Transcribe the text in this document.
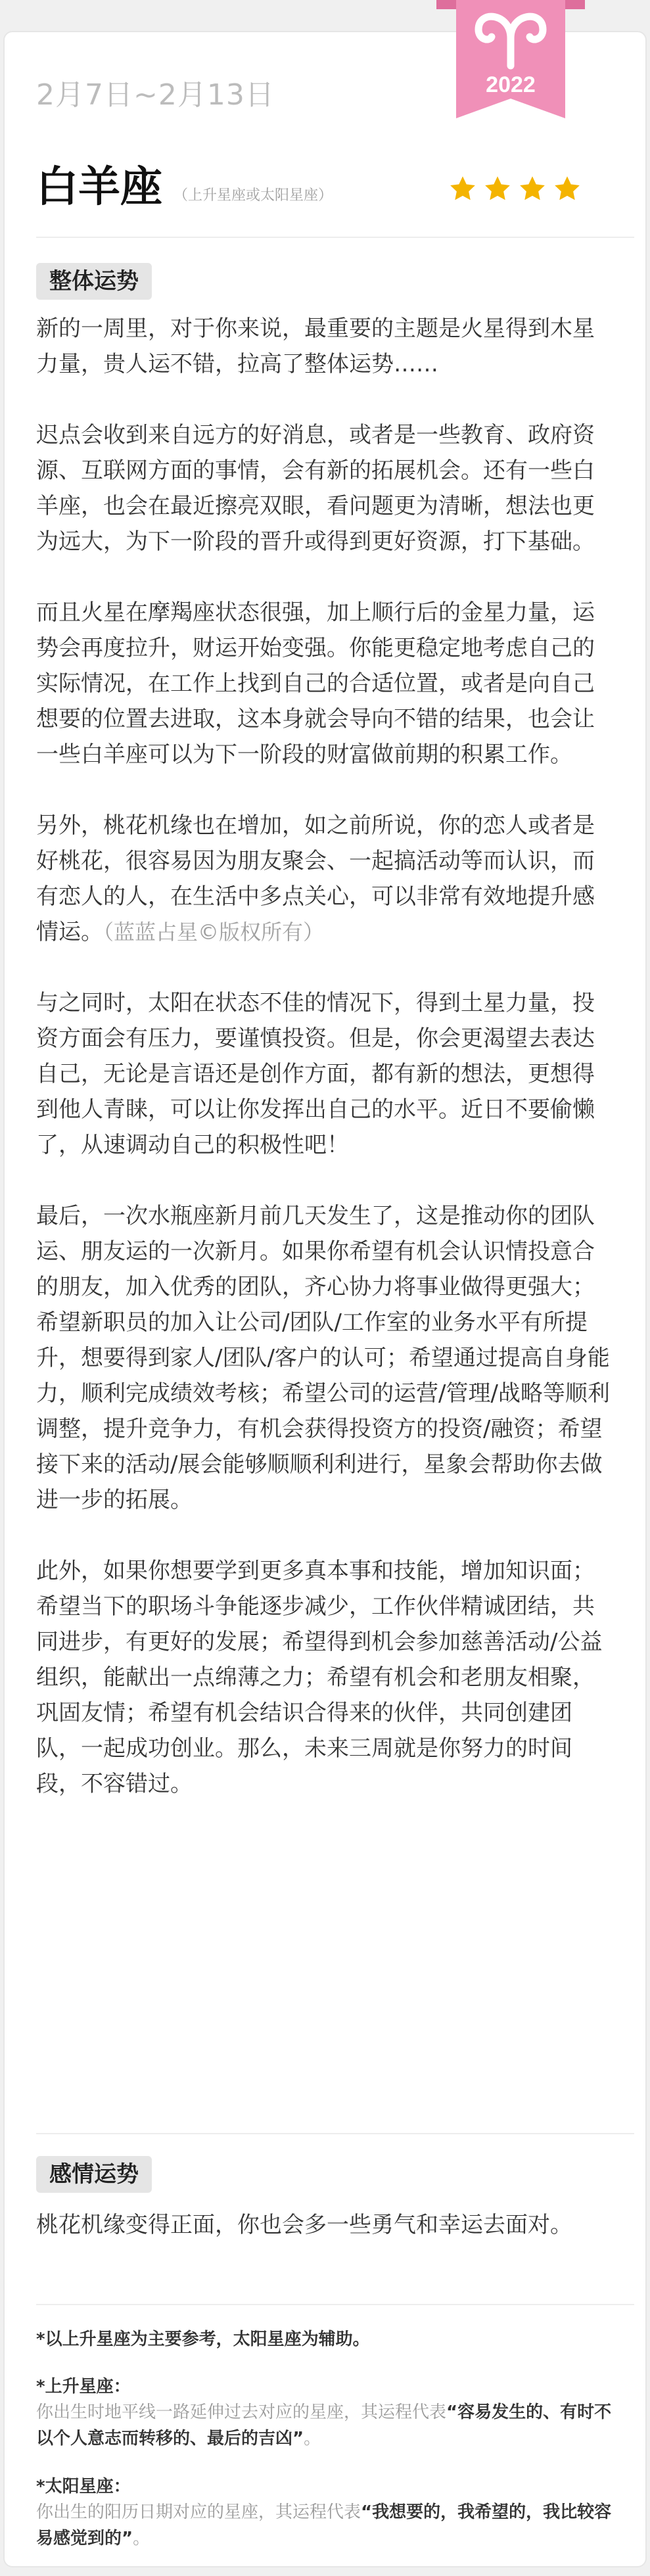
2022
2月7日~2月13日
白羊座 （上升星座或太阳星座）
整体运势

新的一周里，对于你来说，最重要的主题是火星得到木星力量，贵人运不错，拉高了整体运势……

迟点会收到来自远方的好消息，或者是一些教育、政府资源、互联网方面的事情，会有新的拓展机会。还有一些白羊座，也会在最近擦亮双眼，看问题更为清晰，想法也更为远大，为下一阶段的晋升或得到更好资源，打下基础。

而且火星在摩羯座状态很强，加上顺行后的金星力量，运势会再度拉升，财运开始变强。你能更稳定地考虑自己的实际情况，在工作上找到自己的合适位置，或者是向自己想要的位置去进取，这本身就会导向不错的结果，也会让一些白羊座可以为下一阶段的财富做前期的积累工作。

另外，桃花机缘也在增加，如之前所说，你的恋人或者是好桃花，很容易因为朋友聚会、一起搞活动等而认识，而有恋人的人，在生活中多点关心，可以非常有效地提升感情运。（蓝蓝占星©版权所有）

与之同时，太阳在状态不佳的情况下，得到土星力量，投资方面会有压力，要谨慎投资。但是，你会更渴望去表达自己，无论是言语还是创作方面，都有新的想法，更想得到他人青睐，可以让你发挥出自己的水平。近日不要偷懒了，从速调动自己的积极性吧！

最后，一次水瓶座新月前几天发生了，这是推动你的团队运、朋友运的一次新月。如果你希望有机会认识情投意合的朋友，加入优秀的团队，齐心协力将事业做得更强大；希望新职员的加入让公司/团队/工作室的业务水平有所提升，想要得到家人/团队/客户的认可；希望通过提高自身能力，顺利完成绩效考核；希望公司的运营/管理/战略等顺利调整，提升竞争力，有机会获得投资方的投资/融资；希望接下来的活动/展会能够顺顺利利进行，星象会帮助你去做进一步的拓展。

此外，如果你想要学到更多真本事和技能，增加知识面；希望当下的职场斗争能逐步减少，工作伙伴精诚团结，共同进步，有更好的发展；希望得到机会参加慈善活动/公益组织，能献出一点绵薄之力；希望有机会和老朋友相聚，巩固友情；希望有机会结识合得来的伙伴，共同创建团队，一起成功创业。那么，未来三周就是你努力的时间段，不容错过。

感情运势

桃花机缘变得正面，你也会多一些勇气和幸运去面对。

*以上升星座为主要参考，太阳星座为辅助。
*上升星座：
你出生时地平线一路延伸过去对应的星座，其运程代表“容易发生的、有时不以个人意志而转移的、最后的吉凶”。
*太阳星座：
你出生的阳历日期对应的星座，其运程代表“我想要的，我希望的，我比较容易感觉到的”。
